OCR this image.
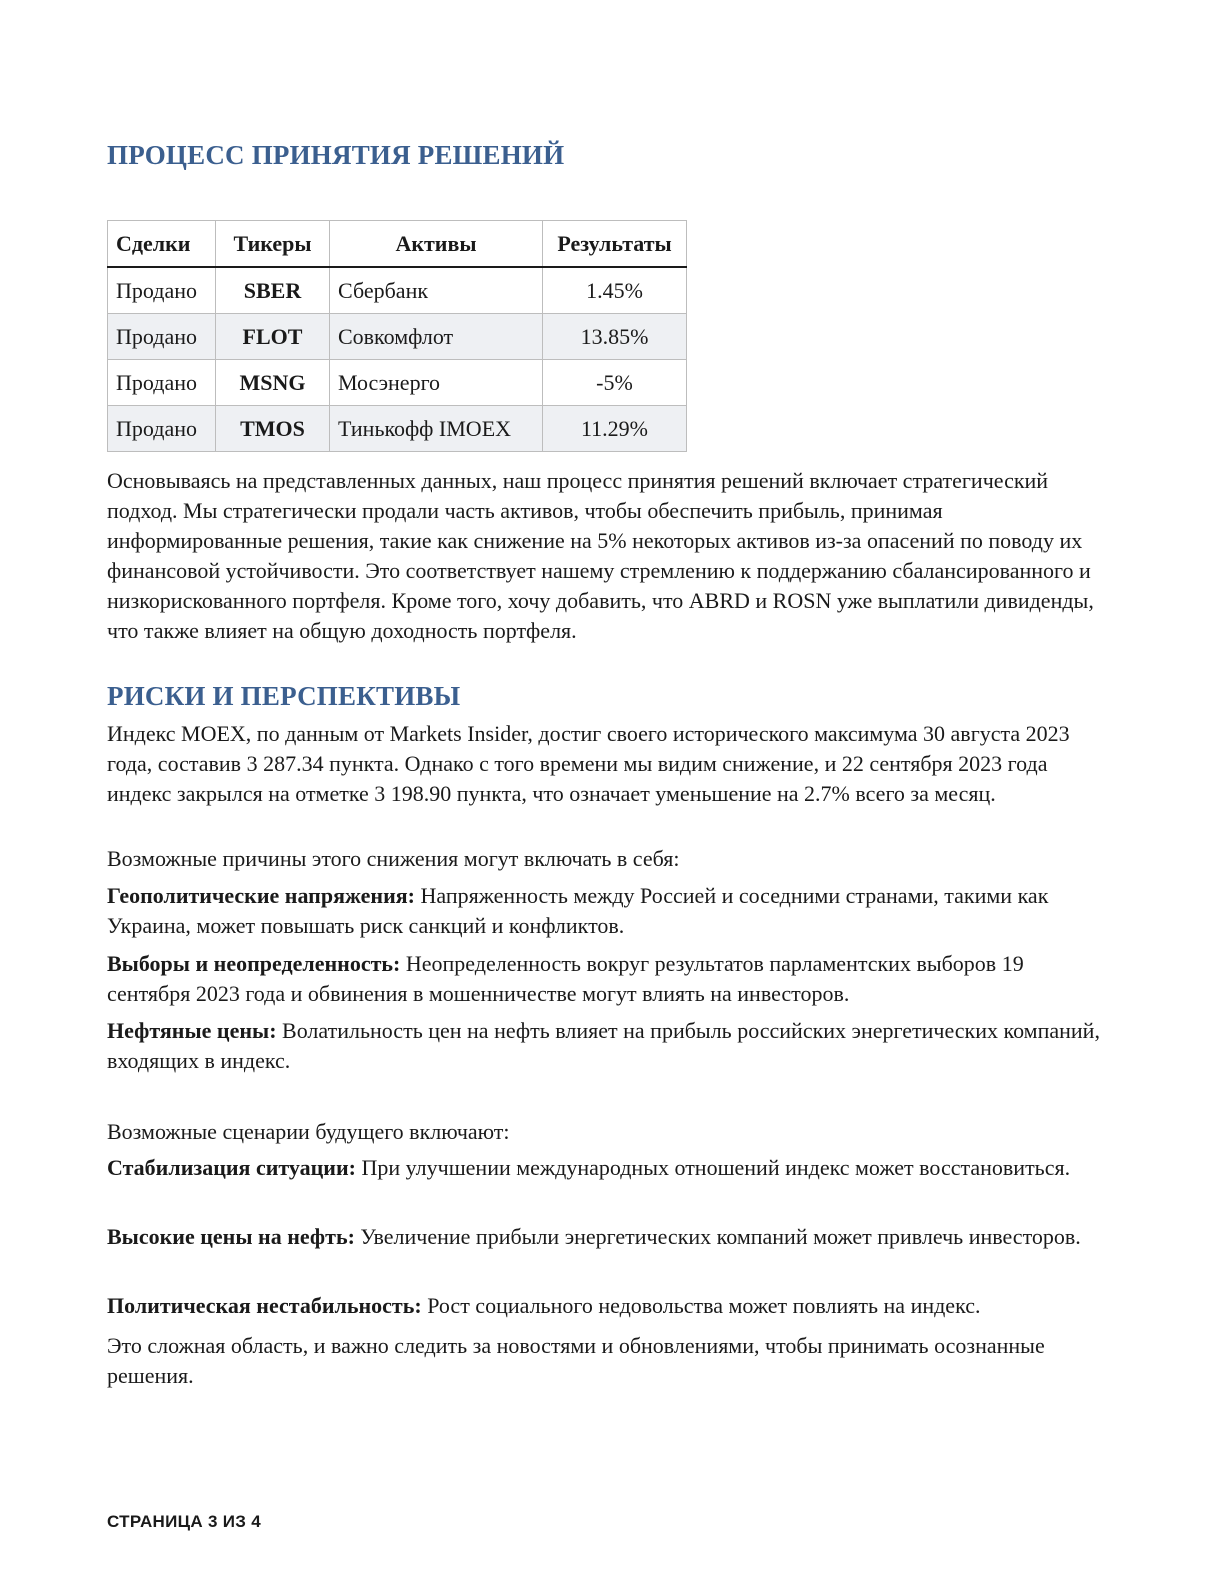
ПРОЦЕСС ПРИНЯТИЯ РЕШЕНИЙ
Сделки	Тикеры	Активы	Результаты
Продано	SBER	Сбербанк	1.45%
Продано	FLOT	Совкомфлот	13.85%
Продано	MSNG	Мосэнерго	-5%
Продано	TMOS	Тинькофф IMOEX	11.29%

Основываясь на представленных данных, наш процесс принятия решений включает стратегический подход. Мы стратегически продали часть активов, чтобы обеспечить прибыль, принимая информированные решения, такие как снижение на 5% некоторых активов из-за опасений по поводу их финансовой устойчивости. Это соответствует нашему стремлению к поддержанию сбалансированного и низкорискованного портфеля. Кроме того, хочу добавить, что ABRD и ROSN уже выплатили дивиденды, что также влияет на общую доходность портфеля.

РИСКИ И ПЕРСПЕКТИВЫ

Индекс MOEX, по данным от Markets Insider, достиг своего исторического максимума 30 августа 2023 года, составив 3 287.34 пункта. Однако с того времени мы видим снижение, и 22 сентября 2023 года индекс закрылся на отметке 3 198.90 пункта, что означает уменьшение на 2.7% всего за месяц.

Возможные причины этого снижения могут включать в себя:

Геополитические напряжения: Напряженность между Россией и соседними странами, такими как Украина, может повышать риск санкций и конфликтов.

Выборы и неопределенность: Неопределенность вокруг результатов парламентских выборов 19 сентября 2023 года и обвинения в мошенничестве могут влиять на инвесторов.

Нефтяные цены: Волатильность цен на нефть влияет на прибыль российских энергетических компаний, входящих в индекс.

Возможные сценарии будущего включают:

Стабилизация ситуации: При улучшении международных отношений индекс может восстановиться.

Высокие цены на нефть: Увеличение прибыли энергетических компаний может привлечь инвесторов.

Политическая нестабильность: Рост социального недовольства может повлиять на индекс.

Это сложная область, и важно следить за новостями и обновлениями, чтобы принимать осознанные решения.

СТРАНИЦА 3 ИЗ 4
